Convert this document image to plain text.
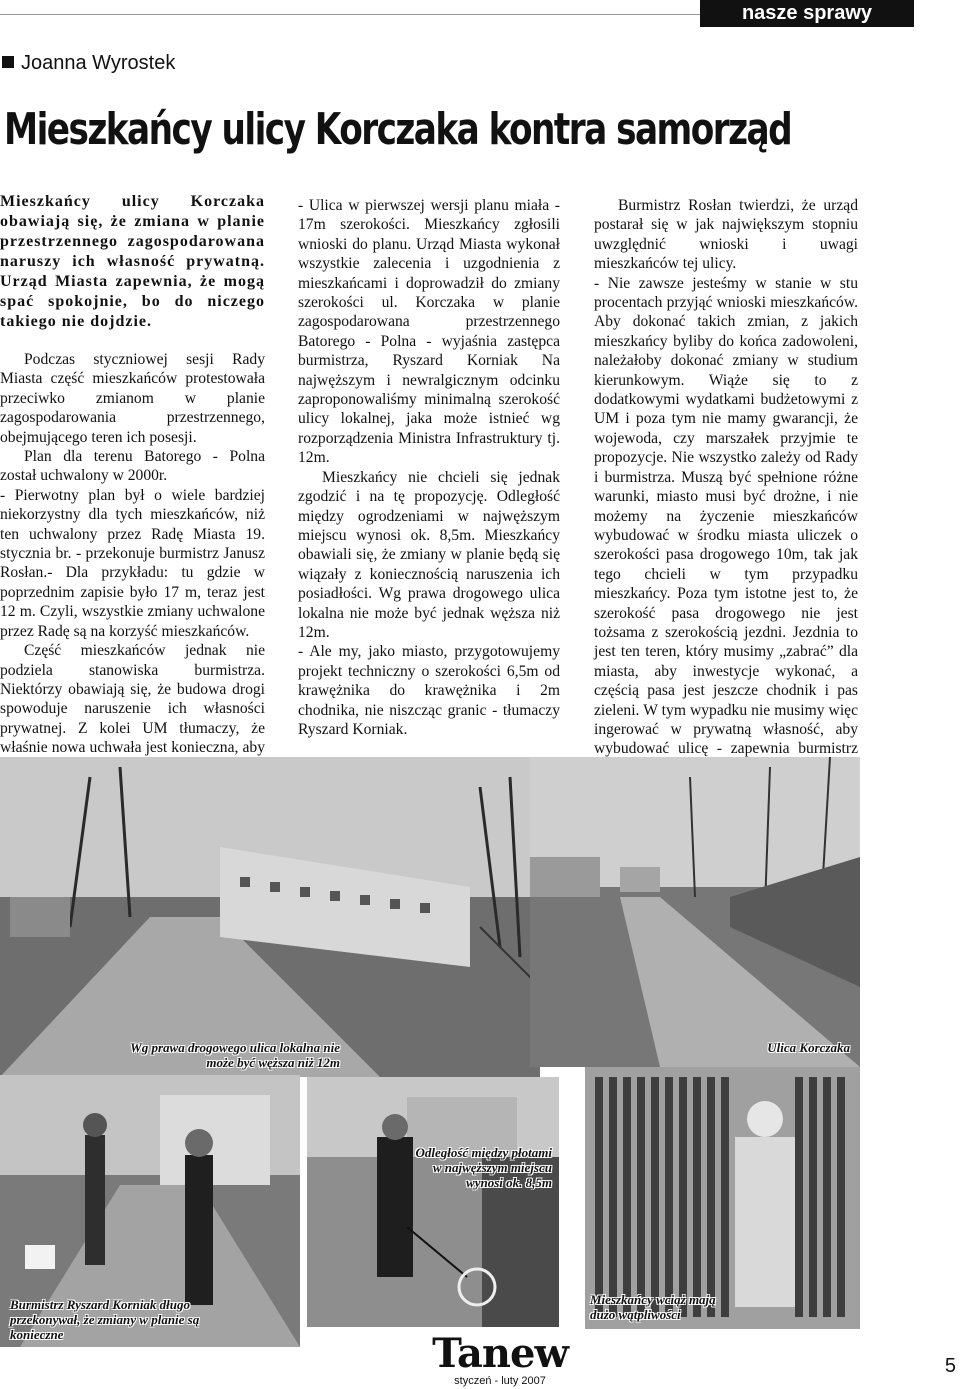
nasze sprawy
Joanna Wyrostek
Mieszkańcy ulicy Korczaka kontra samorząd

Mieszkańcy ulicy Korczaka obawiają się, że zmiana w planie przestrzennego zagospodarowana naruszy ich własność prywatną. Urząd Miasta zapewnia, że mogą spać spokojnie, bo do niczego takiego nie dojdzie.

Podczas styczniowej sesji Rady Miasta część mieszkańców protestowała przeciwko zmianom w planie zagospodarowania przestrzennego, obejmującego teren ich posesji.

Plan dla terenu Batorego - Polna został uchwalony w 2000r.

- Pierwotny plan był o wiele bardziej niekorzystny dla tych mieszkańców, niż ten uchwalony przez Radę Miasta 19. stycznia br. - przekonuje burmistrz Janusz Rosłan.- Dla przykładu: tu gdzie w poprzednim zapisie było 17 m, teraz jest 12 m. Czyli, wszystkie zmiany uchwalone przez Radę są na korzyść mieszkańców.

Część mieszkańców jednak nie podziela stanowiska burmistrza. Niektórzy obawiają się, że budowa drogi spowoduje naruszenie ich własności prywatnej. Z kolei UM tłumaczy, że właśnie nowa uchwała jest konieczna, aby

- Ulica w pierwszej wersji planu miała - 17m szerokości. Mieszkańcy zgłosili wnioski do planu. Urząd Miasta wykonał wszystkie zalecenia i uzgodnienia z mieszkańcami i doprowadził do zmiany szerokości ul. Korczaka w planie zagospodarowana przestrzennego Batorego - Polna - wyjaśnia zastępca burmistrza, Ryszard Korniak Na najwęższym i newralgicznym odcinku zaproponowaliśmy minimalną szerokość ulicy lokalnej, jaka może istnieć wg rozporządzenia Ministra Infrastruktury tj. 12m.

Mieszkańcy nie chcieli się jednak zgodzić i na tę propozycję. Odległość między ogrodzeniami w najwęższym miejscu wynosi ok. 8,5m. Mieszkańcy obawiali się, że zmiany w planie będą się wiązały z koniecznością naruszenia ich posiadłości. Wg prawa drogowego ulica lokalna nie może być jednak węższa niż 12m.

- Ale my, jako miasto, przygotowujemy projekt techniczny o szerokości 6,5m od krawężnika do krawężnika i 2m chodnika, nie niszcząc granic - tłumaczy Ryszard Korniak.

Burmistrz Rosłan twierdzi, że urząd postarał się w jak największym stopniu uwzględnić wnioski i uwagi mieszkańców tej ulicy.

- Nie zawsze jesteśmy w stanie w stu procentach przyjąć wnioski mieszkańców. Aby dokonać takich zmian, z jakich mieszkańcy byliby do końca zadowoleni, należałoby dokonać zmiany w studium kierunkowym. Wiąże się to z dodatkowymi wydatkami budżetowymi z UM i poza tym nie mamy gwarancji, że wojewoda, czy marszałek przyjmie te propozycje. Nie wszystko zależy od Rady i burmistrza. Muszą być spełnione różne warunki, miasto musi być drożne, i nie możemy na życzenie mieszkańców wybudować w środku miasta uliczek o szerokości pasa drogowego 10m, tak jak tego chcieli w tym przypadku mieszkańcy. Poza tym istotne jest to, że szerokość pasa drogowego nie jest tożsama z szerokością jezdni. Jezdnia to jest ten teren, który musimy „zabrać” dla miasta, aby inwestycje wykonać, a częścią pasa jest jeszcze chodnik i pas zieleni. W tym wypadku nie musimy więc ingerować w prywatną własność, aby wybudować ulicę - zapewnia burmistrz

Wg prawa drogowego ulica lokalna nie może być węższa niż 12m
Ulica Korczaka
Burmistrz Ryszard Korniak długo przekonywał, że zmiany w planie są konieczne
Odległość między płotami w najwęższym miejscu wynosi ok. 8,5m
Mieszkańcy wciąż mają dużo wątpliwości
Tanew
styczeń - luty 2007
5
